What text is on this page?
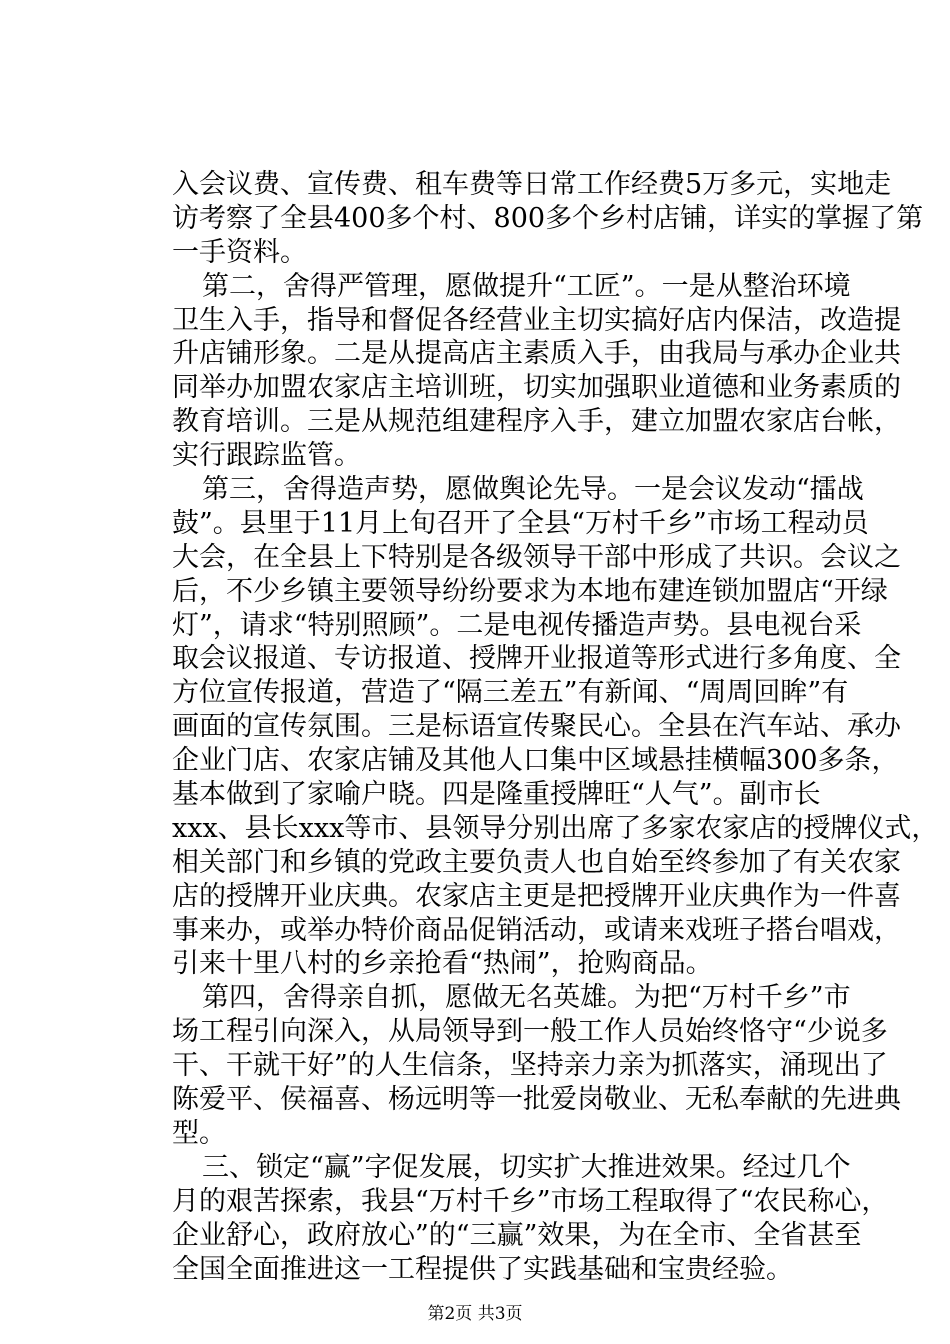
入会议费、宣传费、租车费等日常工作经费5万多元，实地走
访考察了全县400多个村、800多个乡村店铺，详实的掌握了第
一手资料。
第二，舍得严管理，愿做提升“工匠”。一是从整治环境
卫生入手，指导和督促各经营业主切实搞好店内保洁，改造提
升店铺形象。二是从提高店主素质入手，由我局与承办企业共
同举办加盟农家店主培训班，切实加强职业道德和业务素质的
教育培训。三是从规范组建程序入手，建立加盟农家店台帐，
实行跟踪监管。
第三，舍得造声势，愿做舆论先导。一是会议发动“擂战
鼓”。县里于11月上旬召开了全县“万村千乡”市场工程动员
大会，在全县上下特别是各级领导干部中形成了共识。会议之
后，不少乡镇主要领导纷纷要求为本地布建连锁加盟店“开绿
灯”，请求“特别照顾”。二是电视传播造声势。县电视台采
取会议报道、专访报道、授牌开业报道等形式进行多角度、全
方位宣传报道，营造了“隔三差五”有新闻、“周周回眸”有
画面的宣传氛围。三是标语宣传聚民心。全县在汽车站、承办
企业门店、农家店铺及其他人口集中区域悬挂横幅300多条，
基本做到了家喻户晓。四是隆重授牌旺“人气”。副市长
xxx、县长xxx等市、县领导分别出席了多家农家店的授牌仪式，
相关部门和乡镇的党政主要负责人也自始至终参加了有关农家
店的授牌开业庆典。农家店主更是把授牌开业庆典作为一件喜
事来办，或举办特价商品促销活动，或请来戏班子搭台唱戏，
引来十里八村的乡亲抢看“热闹”，抢购商品。
第四，舍得亲自抓，愿做无名英雄。为把“万村千乡”市
场工程引向深入，从局领导到一般工作人员始终恪守“少说多
干、干就干好”的人生信条，坚持亲力亲为抓落实，涌现出了
陈爱平、侯福喜、杨远明等一批爱岗敬业、无私奉献的先进典
型。
三、锁定“赢”字促发展，切实扩大推进效果。经过几个
月的艰苦探索，我县“万村千乡”市场工程取得了“农民称心，
企业舒心，政府放心”的“三赢”效果，为在全市、全省甚至
全国全面推进这一工程提供了实践基础和宝贵经验。
第2页 共3页
